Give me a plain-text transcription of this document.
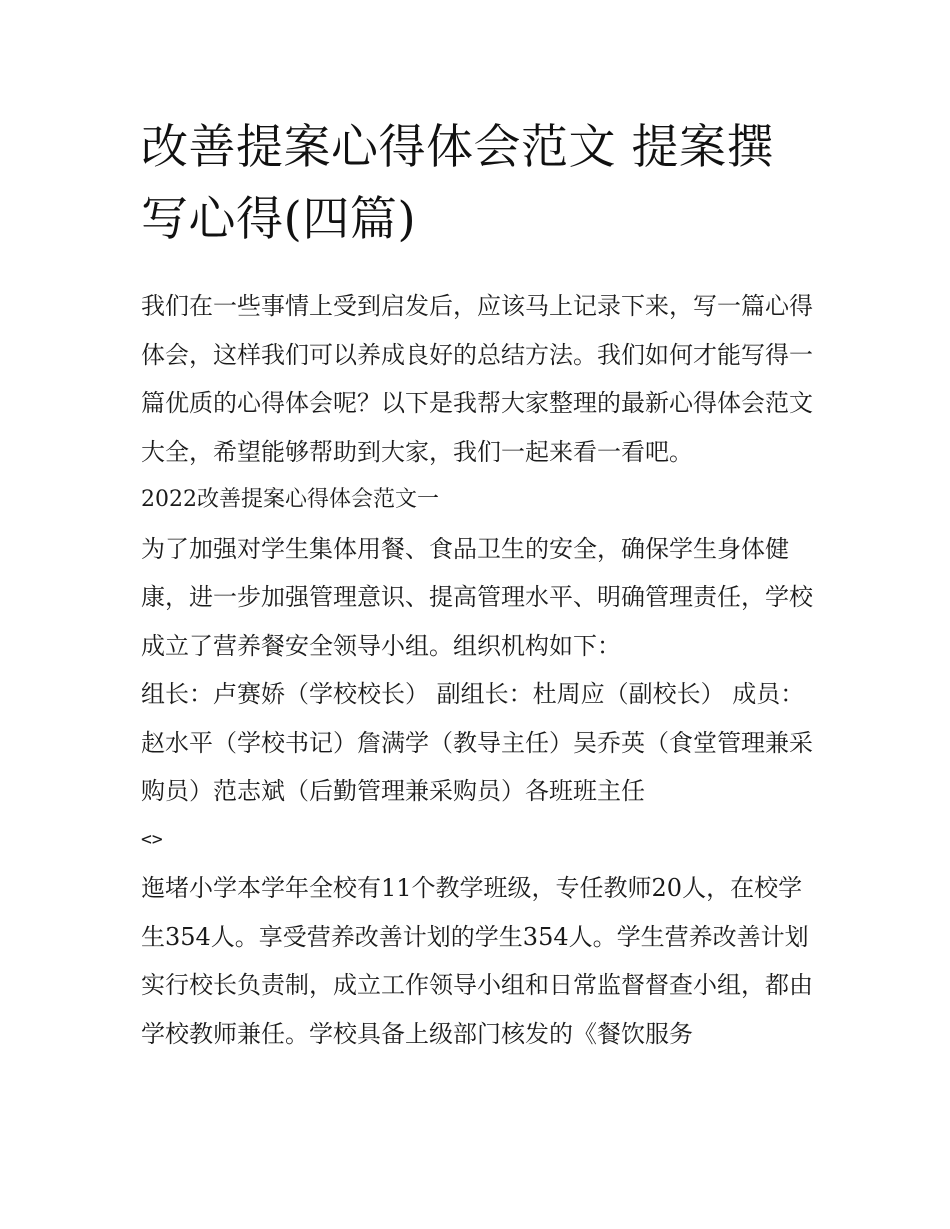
改善提案心得体会范文 提案撰写心得(四篇)

我们在一些事情上受到启发后，应该马上记录下来，写一篇心得体会，这样我们可以养成良好的总结方法。我们如何才能写得一篇优质的心得体会呢？以下是我帮大家整理的最新心得体会范文大全，希望能够帮助到大家，我们一起来看一看吧。

2022改善提案心得体会范文一

为了加强对学生集体用餐、食品卫生的安全，确保学生身体健康，进一步加强管理意识、提高管理水平、明确管理责任，学校成立了营养餐安全领导小组。组织机构如下：

组长：卢赛娇（学校校长） 副组长：杜周应（副校长） 成员：赵水平（学校书记）詹满学（教导主任）吴乔英（食堂管理兼采购员）范志斌（后勤管理兼采购员）各班班主任

<>

迤堵小学本学年全校有11个教学班级，专任教师20人，在校学生354人。享受营养改善计划的学生354人。学生营养改善计划实行校长负责制，成立工作领导小组和日常监督督查小组，都由学校教师兼任。学校具备上级部门核发的《餐饮服务
